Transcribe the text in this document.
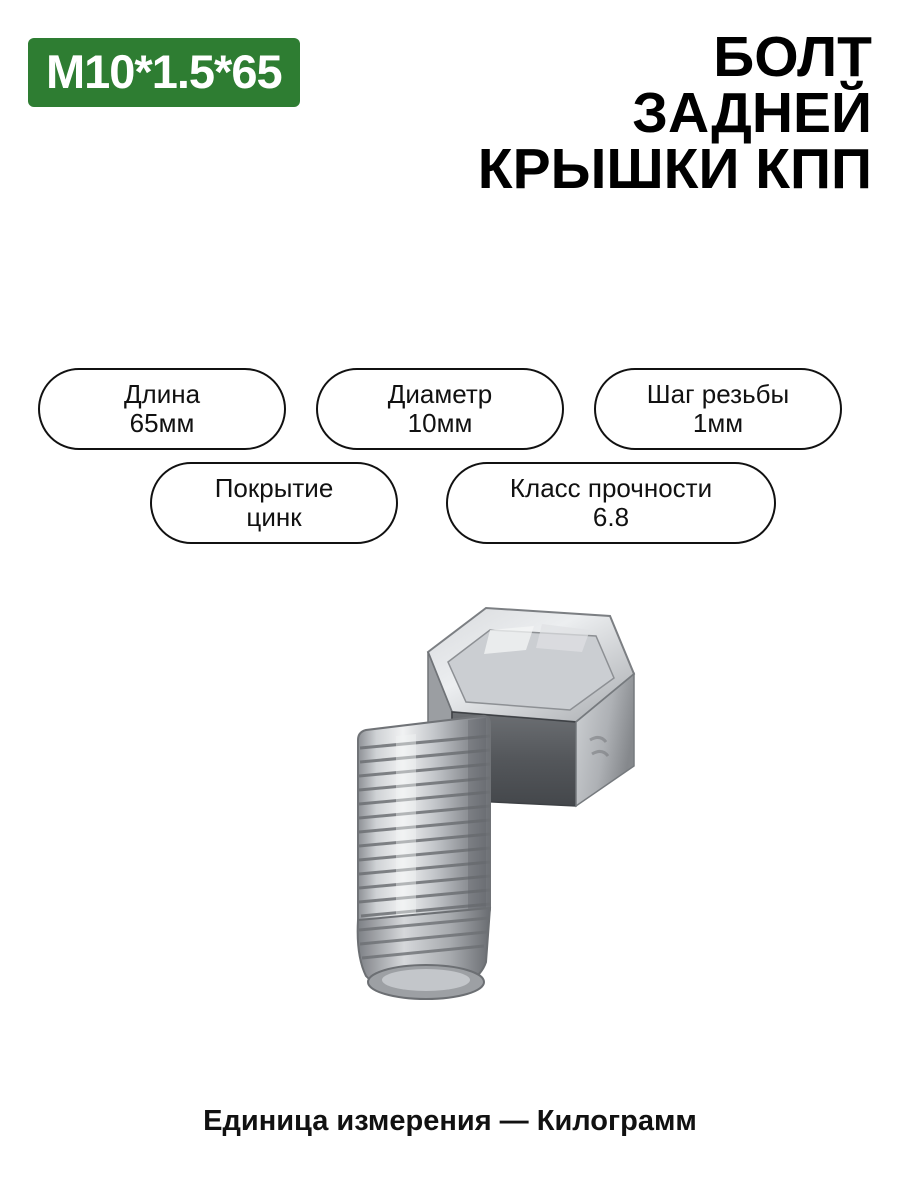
M10*1.5*65	БОЛТ
ЗАДНЕЙ
КРЫШКИ КПП
Длина
65мм
Диаметр
10мм
Шаг резьбы
1мм
Покрытие
цинк
Класс прочности
6.8
Единица измерения — Килограмм
